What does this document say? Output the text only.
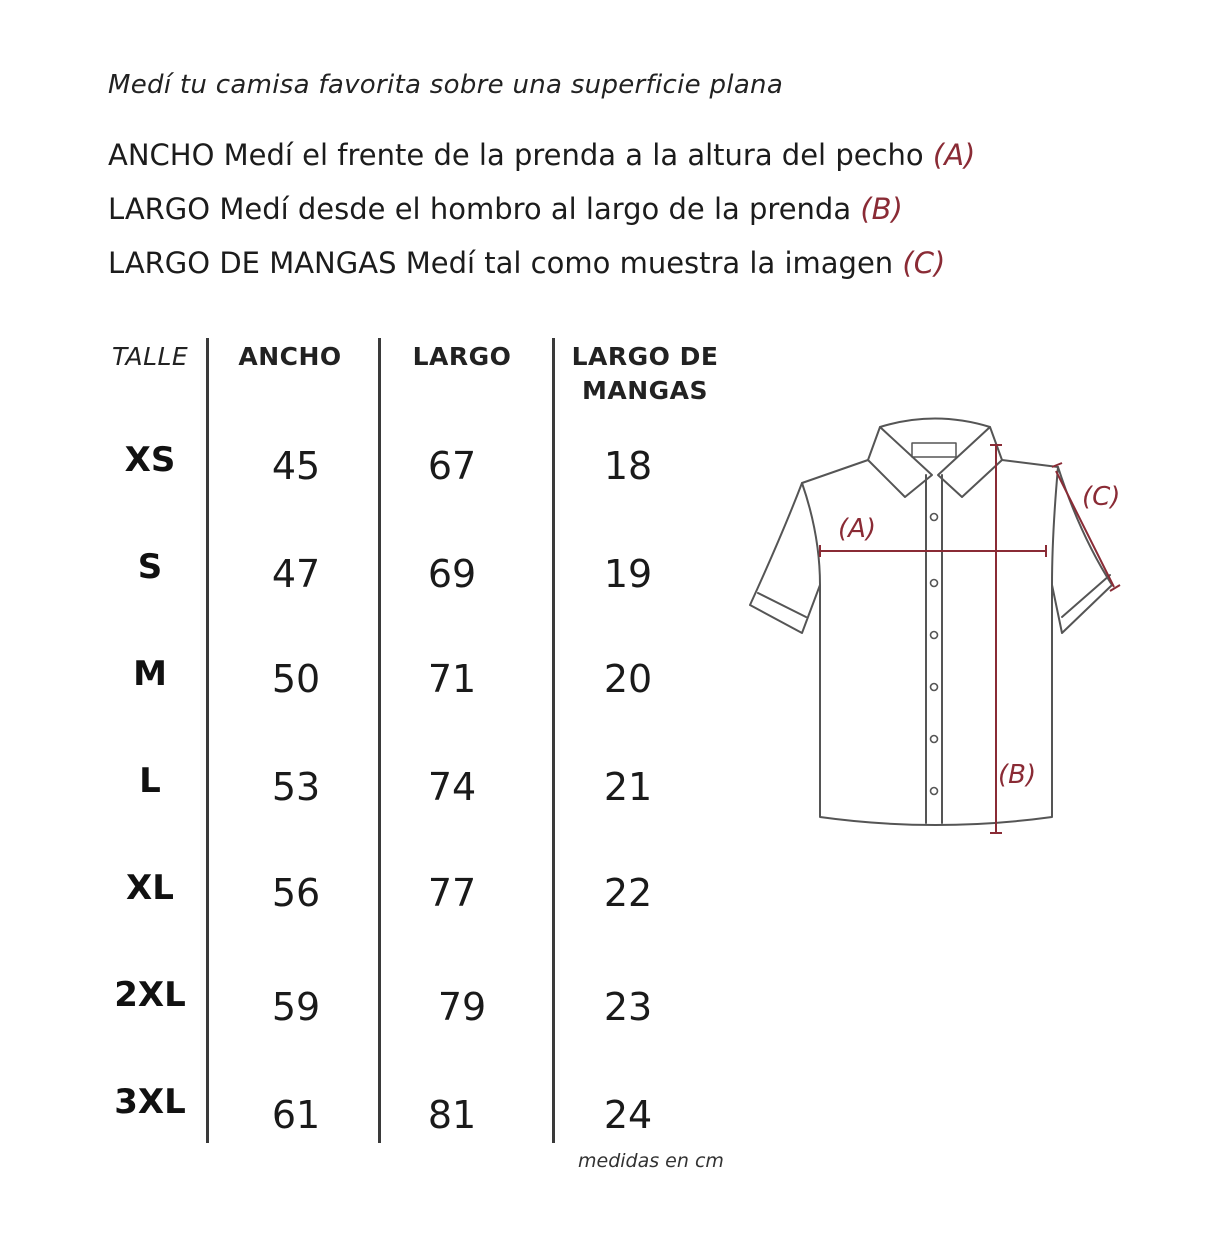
Medí tu camisa favorita sobre una superficie plana
ANCHO Medí el frente de la prenda a la altura del pecho (A)
LARGO Medí desde el hombro al largo de la prenda (B)
LARGO DE MANGAS Medí tal como muestra la imagen (C)
TALLE	ANCHO	LARGO	LARGO DE
MANGAS
XS	45	67	18
S	47	69	19
M	50	71	20
L	53	74	21
XL	56	77	22
2XL	59	79	23
3XL	61	81	24
medidas en cm
(A)
(B)
(C)
